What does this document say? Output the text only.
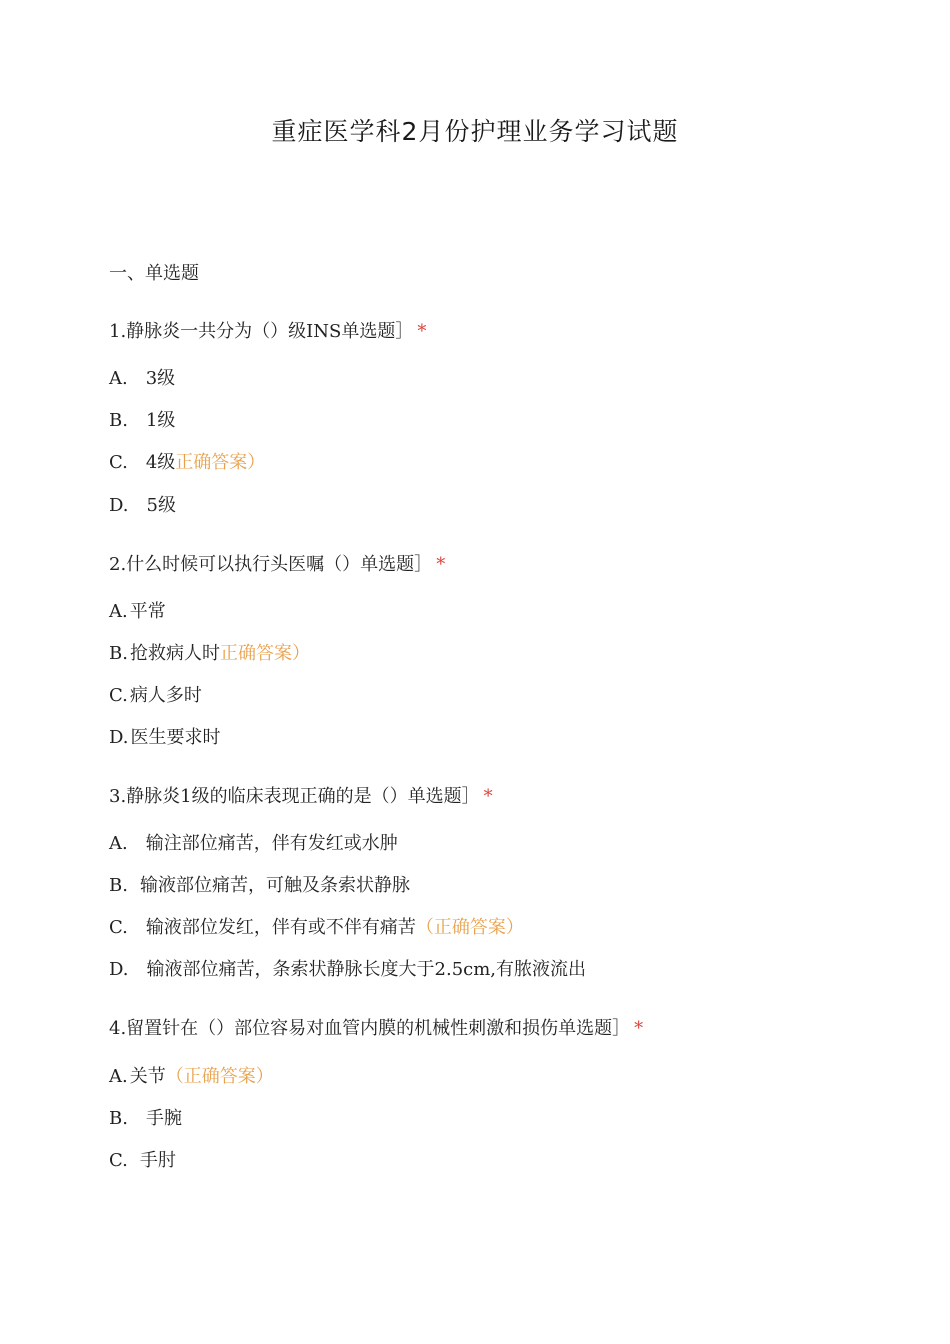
重症医学科2月份护理业务学习试题
一、单选题
1.静脉炎一共分为（）级INS单选题］ *
A. 3级
B. 1级
C. 4级正确答案）
D. 5级
2.什么时候可以执行头医嘱（）单选题］ *
A. 平常
B. 抢救病人时正确答案）
C. 病人多时
D. 医生要求时
3.静脉炎1级的临床表现正确的是（）单选题］ *
A. 输注部位痛苦，伴有发红或水肿
B. 输液部位痛苦，可触及条索状静脉
C. 输液部位发红，伴有或不伴有痛苦（正确答案）
D. 输液部位痛苦，条索状静脉长度大于2.5cm,有脓液流出
4.留置针在（）部位容易对血管内膜的机械性刺激和损伤单选题］ *
A. 关节（正确答案）
B. 手腕
C. 手肘
